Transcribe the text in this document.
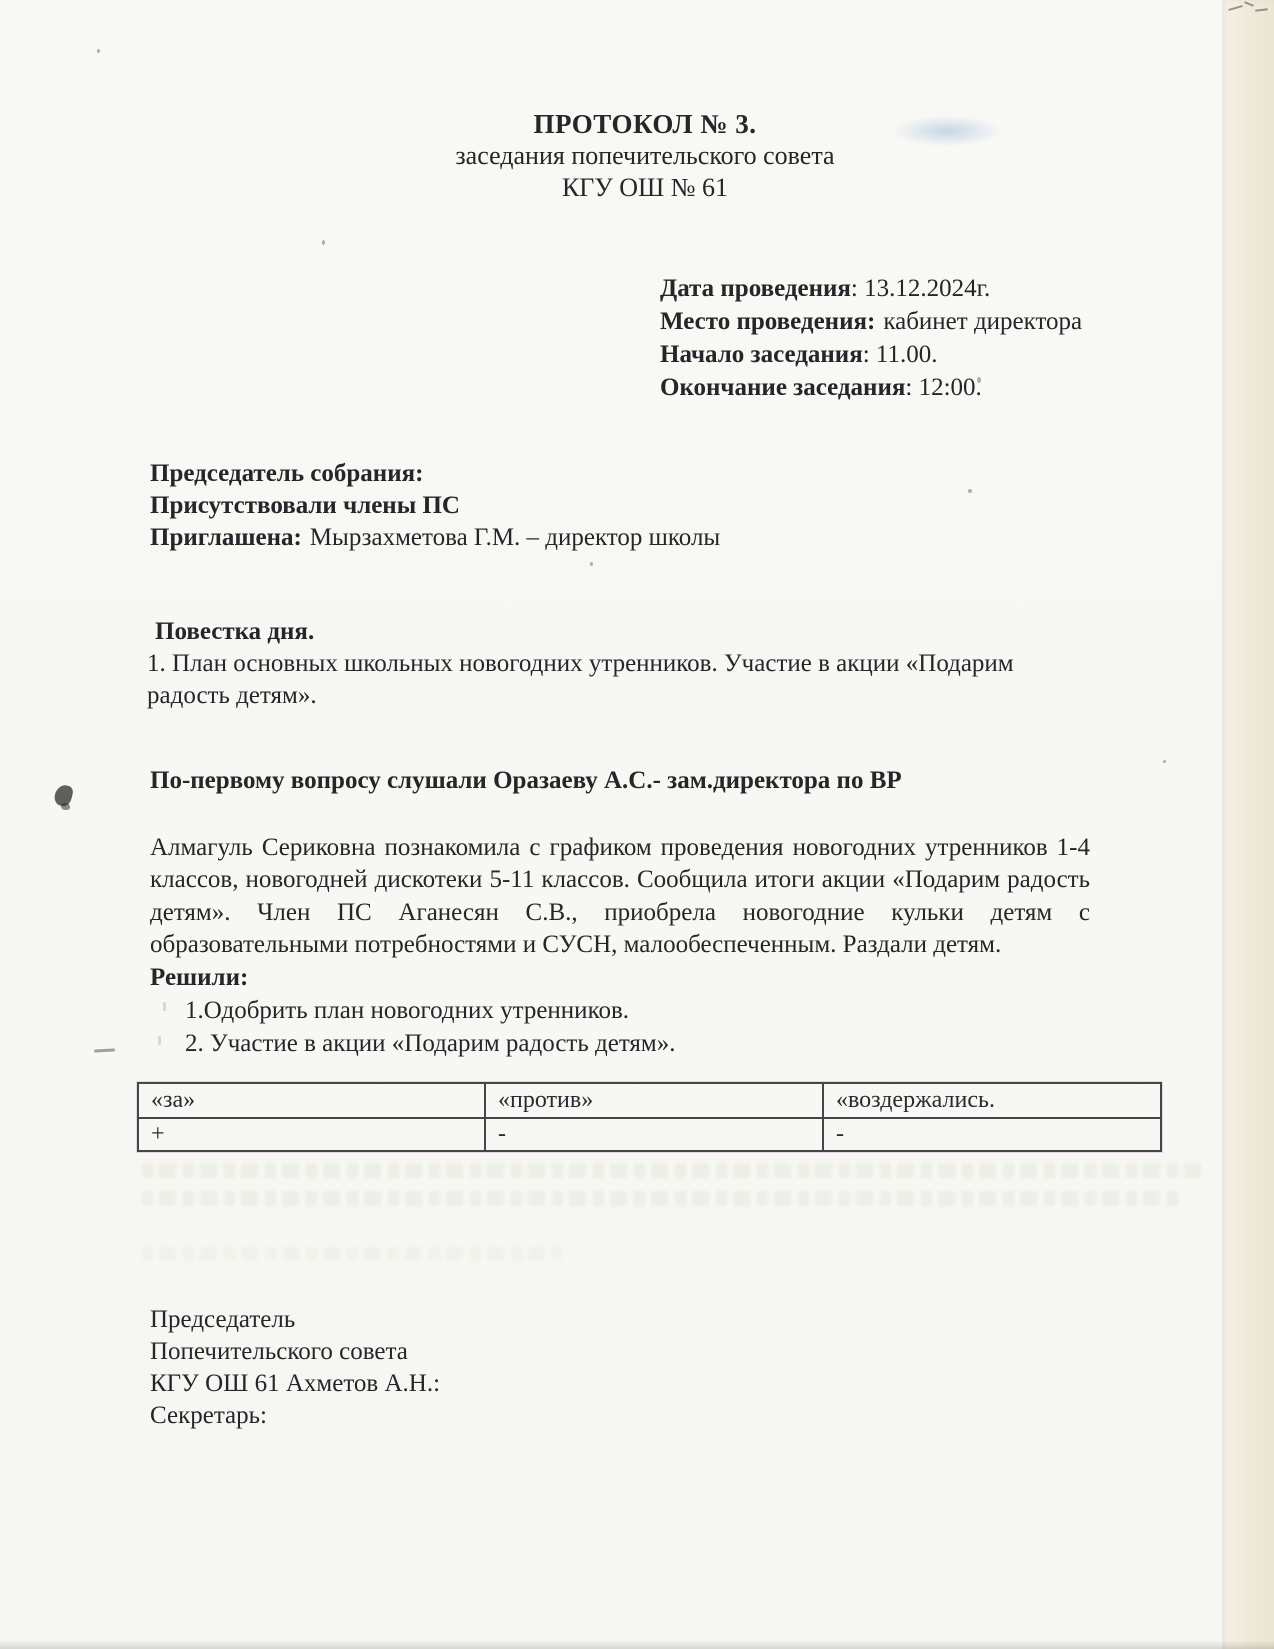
ПРОТОКОЛ № 3.
заседания попечительского совета
КГУ ОШ № 61
Дата проведения: 13.12.2024г.
Место проведения: кабинет директора
Начало заседания: 11.00.
Окончание заседания: 12:00.
Председатель собрания:
Присутствовали члены ПС
Приглашена: Мырзахметова Г.М. – директор школы
Повестка дня.

1. План основных школьных новогодних утренников. Участие в акции «Подарим радость детям».

По-первому вопросу слушали Оразаеву А.С.- зам.директора по ВР

Алмагуль Сериковна познакомила с графиком проведения новогодних утренников 1-4 классов, новогодней дискотеки 5-11 классов. Сообщила итоги акции «Подарим радость детям». Член ПС Аганесян С.В., приобрела новогодние кульки детям с образовательными потребностями и СУСН, малообеспеченным. Раздали детям.

Решили:
1.Одобрить план новогодних утренников.
2. Участие в акции «Подарим радость детям».
«за»	«против»	«воздержались.
+	-	-
Председатель
Попечительского совета
КГУ ОШ 61 Ахметов А.Н.:
Секретарь:
